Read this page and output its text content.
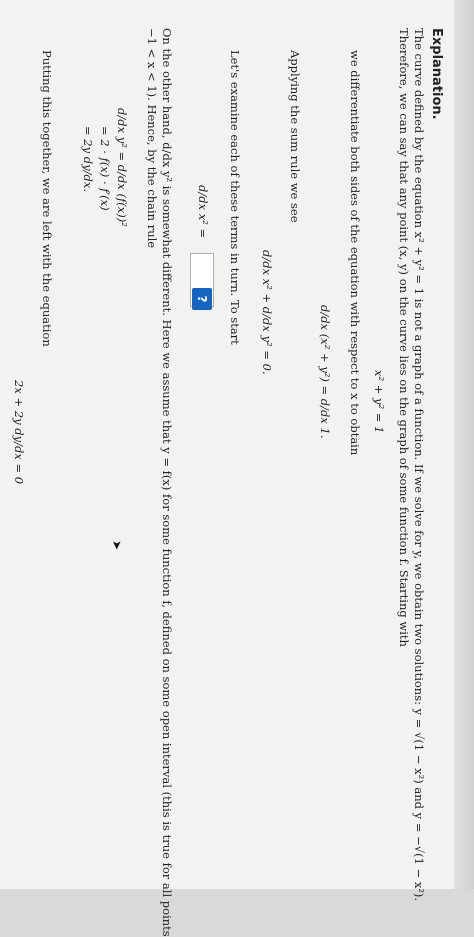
Explanation.
The curve defined by the equation x² + y² = 1 is not a graph of a function. If we solve for y, we obtain two solutions: y = √(1 − x²) and y = −√(1 − x²).
Therefore, we can say that any point (x, y) on the curve lies on the graph of some function f. Starting with
x² + y² = 1
we differentiate both sides of the equation with respect to x to obtain
d/dx (x² + y²) = d/dx 1.
Applying the sum rule we see
d/dx x² + d/dx y² = 0.
Let's examine each of these terms in turn. To start
d/dx x² =
?
On the other hand, d/dx y² is somewhat different. Here we assume that y = f(x) for some function f, defined on some open interval (this is true for all points
−1 < x < 1). Hence, by the chain rule
d/dx y² = d/dx (f(x))²
= 2 · f(x) · f′(x)
= 2y dy/dx.
Putting this together, we are left with the equation
2x + 2y dy/dx = 0
➤
